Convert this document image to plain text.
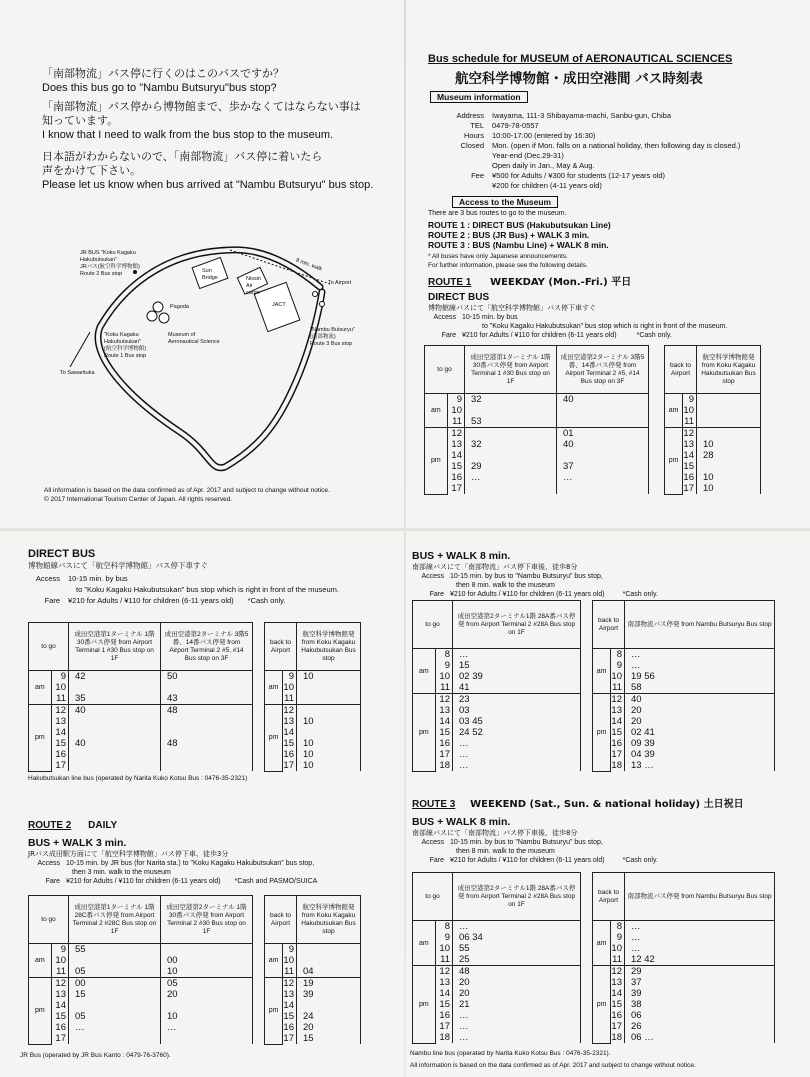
「南部物流」バス停に行くのはこのバスですか？
Does this bus go to "Nambu Butsuryu"bus stop?
「南部物流」バス停から博物館まで、歩かなくてはならない事は
知っています。
I know that I need to walk from the bus stop to the museum.
日本語がわからないので、「南部物流」バス停に着いたら
声をかけて下さい。
Please let us know when bus arrived at "Nambu Butsuryu" bus stop.
JR BUS "Koku Kagaku
Hakubutsukan"
JRバス(航空科学博物館)
Route 2 Bus stop
Pagoda
Sun
Bridge	Nissin
Air
cargo
JACT
8 min. walk
To Airport
"Koku Kagaku
Hakubutsukan"
(航空科学博物館)
Route 1 Bus stop
Museum of
Aeronautical Science
"Nambu Butsuryu"
(南部物流)
Route 3 Bus stop
To Sawarituka
All information is based on the data confirmed as of Apr. 2017 and subject to change without notice.
© 2017 International Tourism Center of Japan. All rights reserved.
Bus schedule for MUSEUM of AERONAUTICAL SCIENCES
航空科学博物館・成田空港間 バス時刻表
Museum information
Address	Iwayama, 111-3 Shibayama-machi, Sanbu-gun, Chiba
TEL	0479-78-0557
Hours	10:00-17:00 (entered by 16:30)
Closed	Mon. (open if Mon. falls on a national holiday, then following day is closed.)
Year-end (Dec.29-31)
Open daily in Jan., May & Aug.
Fee	¥500 for Adults / ¥300 for students (12-17 years old)
¥200 for children (4-11 years old)
Access to the Museum
There are 3 bus routes to go to the museum.
ROUTE 1 : DIRECT BUS (Hakubutsukan Line)
ROUTE 2 : BUS (JR Bus) + WALK 3 min.
ROUTE 3 : BUS (Nambu Line) + WALK 8 min.
* All buses have only Japanese announcements.
For further information, please see the following details.
ROUTE 1 WEEKDAY (Mon.-Fri.) 平日
DIRECT BUS
博物館線バスにて「航空科学博物館」バス停下車すぐ
Access 10-15 min. by bus
to "Koku Kagaku Hakubutsukan" bus stop which is right in front of the museum.
Fare ¥210 for Adults / ¥110 for children (6-11 years old)	*Cash only.
to go		成田空港第1ターミナル 1階30番バス停発 from Airport Terminal 1 #30 Bus stop on 1F	成田空港第2ターミナル 3階5番、14番バス停発 from Airport Terminal 2 #5, #14 Bus stop on 3F
am	9	32	40
	10		
	11	53	
pm	12		01
	13	32	40
	14		
	15	29	37
	16	…	…
	17		
back to Airport		航空科学博物館発 from Koku Kagaku Hakubutsukan Bus stop
am	9	
	10	
	11	
pm	12	
	13	10
	14	28
	15	
	16	10
	17	10
DIRECT BUS
博物館線バスにて「航空科学博物館」バス停下車すぐ
Access	10-15 min. by bus
to "Koku Kagaku Hakubutsukan" bus stop which is right in front of the museum.
Fare	¥210 for Adults / ¥110 for children (6-11 years old) *Cash only.
to go		成田空港第1ターミナル 1階30番バス停発 from Airport Terminal 1 #30 Bus stop on 1F	成田空港第2ターミナル 3階5番、14番バス停発 from Airport Terminal 2 #5, #14 Bus stop on 3F
am	9	42	50
	10		
	11	35	43
pm	12	40	48
	13		
	14		
	15	40	48
	16		
	17		
back to Airport		航空科学博物館発 from Koku Kagaku Hakubutsukan Bus stop
am	9	10
	10	
	11	
pm	12	
	13	10
	14	
	15	10
	16	10
	17	10
Hakubutsukan line bus (operated by Narita Kuko Kotsu Bus : 0476-35-2321)
ROUTE 2 DAILY
BUS + WALK 3 min.
JRバス成田駅方面にて「航空科学博物館」バス停下車、徒歩3分
Access 10-15 min. by JR bus (for Narita sta.) to "Koku Kagaku Hakubutsukan" bus stop,
then 3 min. walk to the museum
Fare ¥210 for Adults / ¥110 for children (6-11 years old) *Cash and PASMO/SUICA
to go		成田空港第1ターミナル 1階28C番バス停発 from Airport Terminal 2 #28C Bus stop on 1F	成田空港第2ターミナル 1階30番バス停発 from Airport Terminal 2 #30 Bus stop on 1F
am	9	55	
	10		00
	11	05	10
pm	12	00	05
	13	15	20
	14		
	15	05	10
	16	…	…
	17		
back to Airport		航空科学博物館発 from Koku Kagaku Hakubutsukan Bus stop
am	9	
	10	
	11	04
pm	12	19
	13	39
	14	
	15	24
	16	20
	17	15
JR Bus (operated by JR Bus Kanto : 0479-76-3760).
BUS + WALK 8 min.
南部線バスにて「南部物流」バス停下車後、徒歩8分
Access 10-15 min. by bus to "Nambu Butsuryu" bus stop,
then 8 min. walk to the museum
Fare ¥210 for Adults / ¥110 for children (6-11 years old)	*Cash only.
to go		成田空港第2ターミナル1階 28A番バス停発 from Airport Terminal 2 #28A Bus stop on 1F
am	8	…
	9	15
	10	02 39
	11	41
pm	12	23
	13	03
	14	03 45
	15	24 52
	16	…
	17	…
	18	…
back to Airport		南部物流バス停発 from Nambu Butsuryu Bus stop
am	8	…
	9	…
	10	19 56
	11	58
pm	12	40
	13	20
	14	20
	15	02 41
	16	09 39
	17	04 39
	18	13 …
ROUTE 3 WEEKEND (Sat., Sun. & national holiday) 土日祝日
BUS + WALK 8 min.
南部線バスにて「南部物流」バス停下車後、徒歩8分
Access 10-15 min. by bus to "Nambu Butsuryu" bus stop,
then 8 min. walk to the museum
Fare ¥210 for Adults / ¥110 for children (6-11 years old)	*Cash only.
to go		成田空港第2ターミナル1階 28A番バス停発 from Airport Terminal 2 #28A Bus stop on 1F
am	8	…
	9	06 34
	10	55
	11	25
pm	12	48
	13	20
	14	20
	15	21
	16	…
	17	…
	18	…
back to Airport		南部物流バス停発 from Nambu Butsuryu Bus stop
am	8	…
	9	…
	10	…
	11	12 42
pm	12	29
	13	37
	14	39
	15	38
	16	06
	17	26
	18	06 …
Nambu line bus (operated by Narita Kuko Kotsu Bus : 0476-35-2321).
All information is based on the data confirmed as of Apr. 2017 and subject to change without notice.
